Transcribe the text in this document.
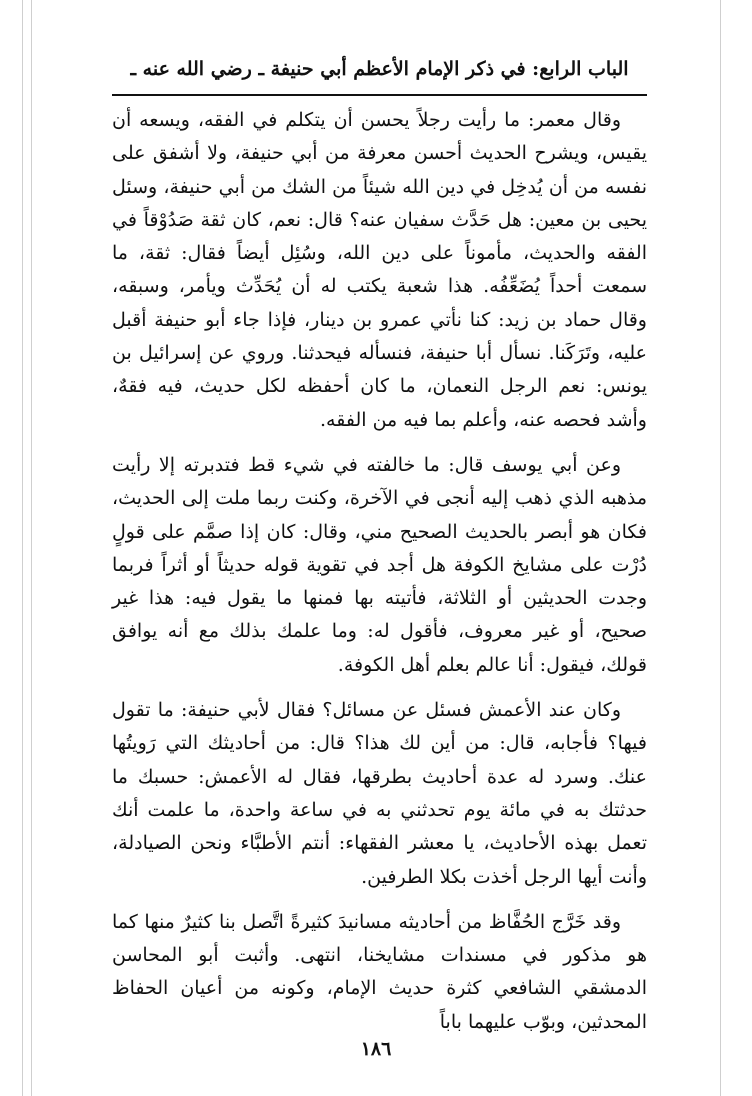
الباب الرابع: في ذكر الإمام الأعظم أبي حنيفة ـ رضي الله عنه ـ

وقال معمر: ما رأيت رجلاً يحسن أن يتكلم في الفقه، ويسعه أن يقيس، ويشرح الحديث أحسن معرفة من أبي حنيفة، ولا أشفق على نفسه من أن يُدخِل في دين الله شيئاً من الشك من أبي حنيفة، وسئل يحيى بن معين: هل حَدَّث سفيان عنه؟ قال: نعم، كان ثقة صَدُوْقاً في الفقه والحديث، مأموناً على دين الله، وسُئِل أيضاً فقال: ثقة، ما سمعت أحداً يُضَعِّفُه. هذا شعبة يكتب له أن يُحَدِّث ويأمر، وسبقه، وقال حماد بن زيد: كنا نأتي عمرو بن دينار، فإذا جاء أبو حنيفة أقبل عليه، وتَرَكَنا. نسأل أبا حنيفة، فنسأله فيحدثنا. وروي عن إسرائيل بن يونس: نعم الرجل النعمان، ما كان أحفظه لكل حديث، فيه فقهٌ، وأشد فحصه عنه، وأعلم بما فيه من الفقه.

وعن أبي يوسف قال: ما خالفته في شيء قط فتدبرته إلا رأيت مذهبه الذي ذهب إليه أنجى في الآخرة، وكنت ربما ملت إلى الحديث، فكان هو أبصر بالحديث الصحيح مني، وقال: كان إذا صمَّم على قولٍ دُرْت على مشايخ الكوفة هل أجد في تقوية قوله حديثاً أو أثراً فربما وجدت الحديثين أو الثلاثة، فأتيته بها فمنها ما يقول فيه: هذا غير صحيح، أو غير معروف، فأقول له: وما علمك بذلك مع أنه يوافق قولك، فيقول: أنا عالم بعلم أهل الكوفة.

وكان عند الأعمش فسئل عن مسائل؟ فقال لأبي حنيفة: ما تقول فيها؟ فأجابه، قال: من أين لك هذا؟ قال: من أحاديثك التي رَويتُها عنك. وسرد له عدة أحاديث بطرقها، فقال له الأعمش: حسبك ما حدثتك به في مائة يوم تحدثني به في ساعة واحدة، ما علمت أنك تعمل بهذه الأحاديث، يا معشر الفقهاء: أنتم الأطبَّاء ونحن الصيادلة، وأنت أيها الرجل أخذت بكلا الطرفين.

وقد خَرَّج الحُفَّاظ من أحاديثه مسانيدَ كثيرةً اتَّصل بنا كثيرٌ منها كما هو مذكور في مسندات مشايخنا، انتهى. وأثبت أبو المحاسن الدمشقي الشافعي كثرة حديث الإمام، وكونه من أعيان الحفاظ المحدثين، وبوّب عليهما باباً

١٨٦
